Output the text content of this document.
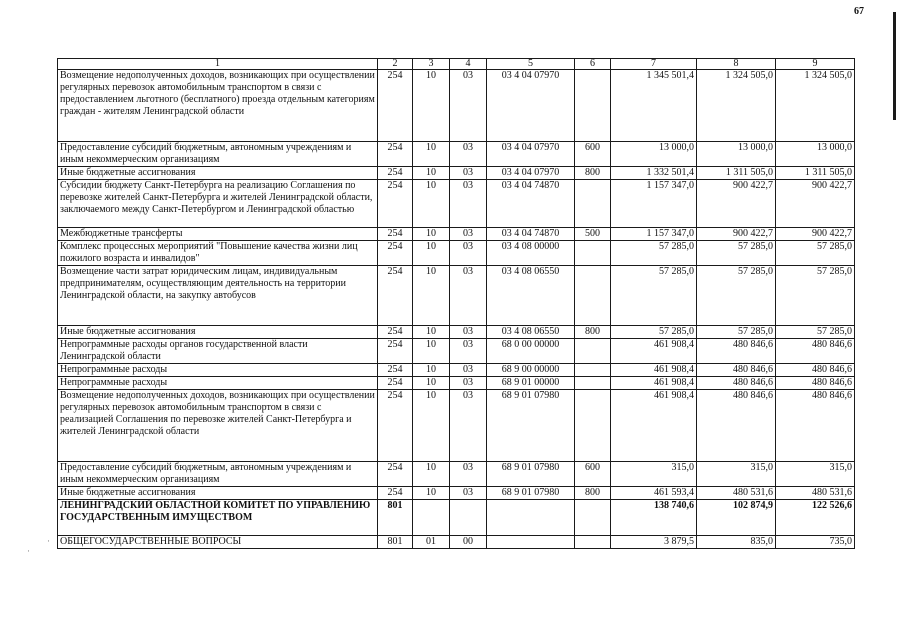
67
·
·
1	2	3	4	5	6	7	8	9
Возмещение недополученных доходов, возникающих при осуществлении регулярных перевозок автомобильным транспортом в связи с предоставлением льготного (бесплатного) проезда отдельным категориям граждан - жителям Ленинградской области	254	10	03	03 4 04 07970		1 345 501,4	1 324 505,0	1 324 505,0
Предоставление субсидий бюджетным, автономным учреждениям и иным некоммерческим организациям	254	10	03	03 4 04 07970	600	13 000,0	13 000,0	13 000,0
Иные бюджетные ассигнования	254	10	03	03 4 04 07970	800	1 332 501,4	1 311 505,0	1 311 505,0
Субсидии бюджету Санкт-Петербурга на реализацию Соглашения по перевозке жителей Санкт-Петербурга и жителей Ленинградской области, заключаемого между Санкт-Петербургом и Ленинградской областью	254	10	03	03 4 04 74870		1 157 347,0	900 422,7	900 422,7
Межбюджетные трансферты	254	10	03	03 4 04 74870	500	1 157 347,0	900 422,7	900 422,7
Комплекс процессных мероприятий "Повышение качества жизни лиц пожилого возраста и инвалидов"	254	10	03	03 4 08 00000		57 285,0	57 285,0	57 285,0
Возмещение части затрат юридическим лицам, индивидуальным предпринимателям, осуществляющим деятельность на территории Ленинградской области, на закупку автобусов	254	10	03	03 4 08 06550		57 285,0	57 285,0	57 285,0
Иные бюджетные ассигнования	254	10	03	03 4 08 06550	800	57 285,0	57 285,0	57 285,0
Непрограммные расходы органов государственной власти Ленинградской области	254	10	03	68 0 00 00000		461 908,4	480 846,6	480 846,6
Непрограммные расходы	254	10	03	68 9 00 00000		461 908,4	480 846,6	480 846,6
Непрограммные расходы	254	10	03	68 9 01 00000		461 908,4	480 846,6	480 846,6
Возмещение недополученных доходов, возникающих при осуществлении регулярных перевозок автомобильным транспортом в связи с реализацией Соглашения по перевозке жителей Санкт-Петербурга и жителей Ленинградской области	254	10	03	68 9 01 07980		461 908,4	480 846,6	480 846,6
Предоставление субсидий бюджетным, автономным учреждениям и иным некоммерческим организациям	254	10	03	68 9 01 07980	600	315,0	315,0	315,0
Иные бюджетные ассигнования	254	10	03	68 9 01 07980	800	461 593,4	480 531,6	480 531,6
ЛЕНИНГРАДСКИЙ ОБЛАСТНОЙ КОМИТЕТ ПО УПРАВЛЕНИЮ ГОСУДАРСТВЕННЫМ ИМУЩЕСТВОМ	801					138 740,6	102 874,9	122 526,6
ОБЩЕГОСУДАРСТВЕННЫЕ ВОПРОСЫ	801	01	00			3 879,5	835,0	735,0
